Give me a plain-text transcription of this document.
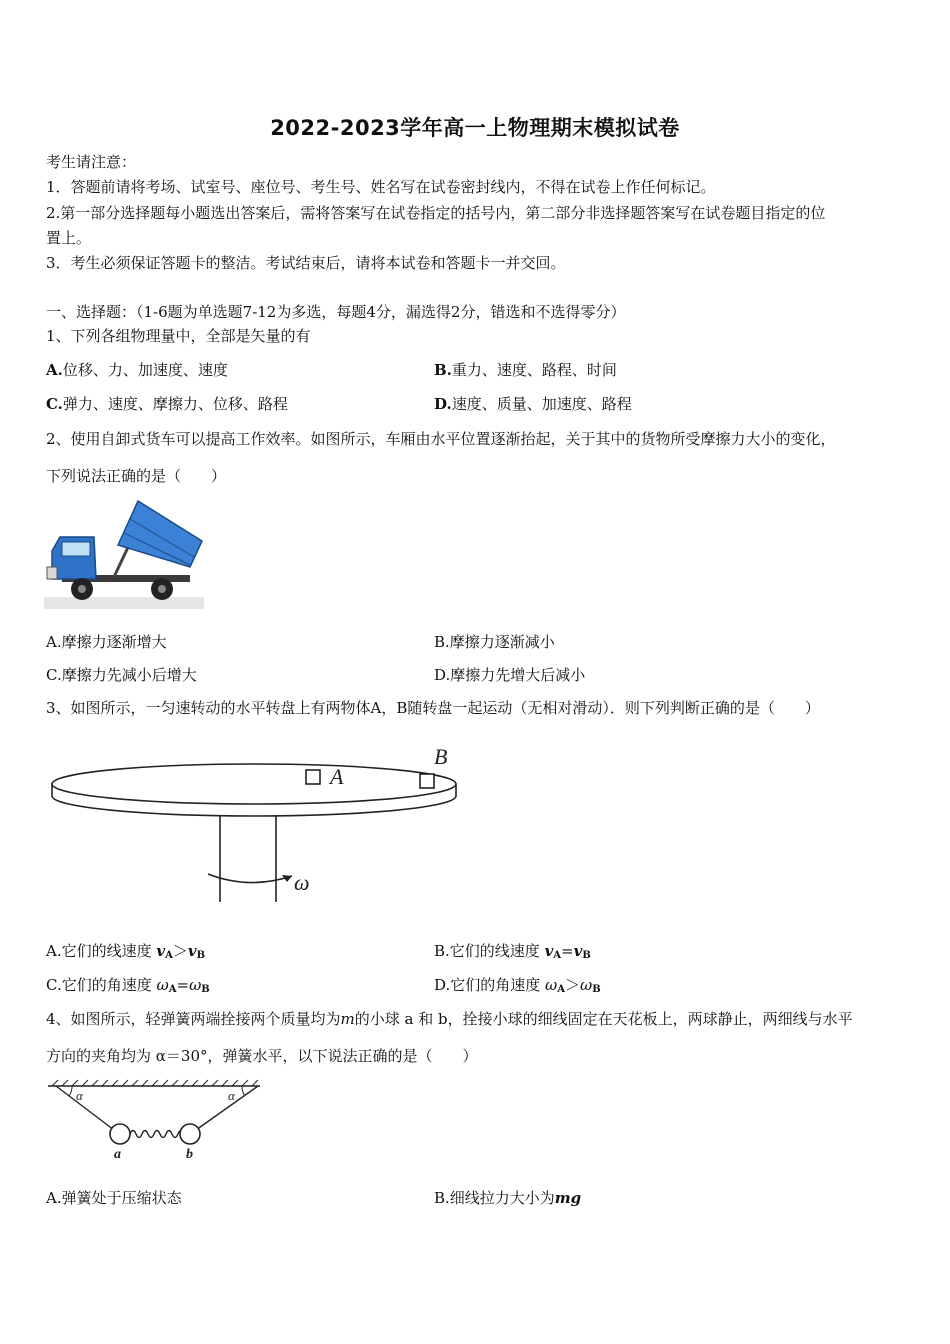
2022-2023学年高一上物理期末模拟试卷
考生请注意：
1．答题前请将考场、试室号、座位号、考生号、姓名写在试卷密封线内，不得在试卷上作任何标记。
2.第一部分选择题每小题选出答案后，需将答案写在试卷指定的括号内，第二部分非选择题答案写在试卷题目指定的位
置上。
3．考生必须保证答题卡的整洁。考试结束后，请将本试卷和答题卡一并交回。
一、选择题：（1-6题为单选题7-12为多选，每题4分，漏选得2分，错选和不选得零分）
1、下列各组物理量中，全部是矢量的有
A.位移、力、加速度、速度	B.重力、速度、路程、时间
C.弹力、速度、摩擦力、位移、路程	D.速度、质量、加速度、路程
2、使用自卸式货车可以提高工作效率。如图所示，车厢由水平位置逐渐抬起，关于其中的货物所受摩擦力大小的变化，
下列说法正确的是（　　）
A.摩擦力逐渐增大	B.摩擦力逐渐减小
C.摩擦力先减小后增大	D.摩擦力先增大后减小
3、如图所示，一匀速转动的水平转盘上有两物体A，B随转盘一起运动（无相对滑动）．则下列判断正确的是（　　）
A
B
ω
A.它们的线速度 $v_A>v_B$	B.它们的线速度 $v_A=v_B$
C.它们的角速度 $\omega_A=\omega_B$	D.它们的角速度 $\omega_A>\omega_B$
4、如图所示，轻弹簧两端拴接两个质量均为m的小球 a 和 b，拴接小球的细线固定在天花板上，两球静止，两细线与水平
方向的夹角均为 α＝30°，弹簧水平，以下说法正确的是（　　）
α	α
a	b
A.弹簧处于压缩状态	B.细线拉力大小为mg
